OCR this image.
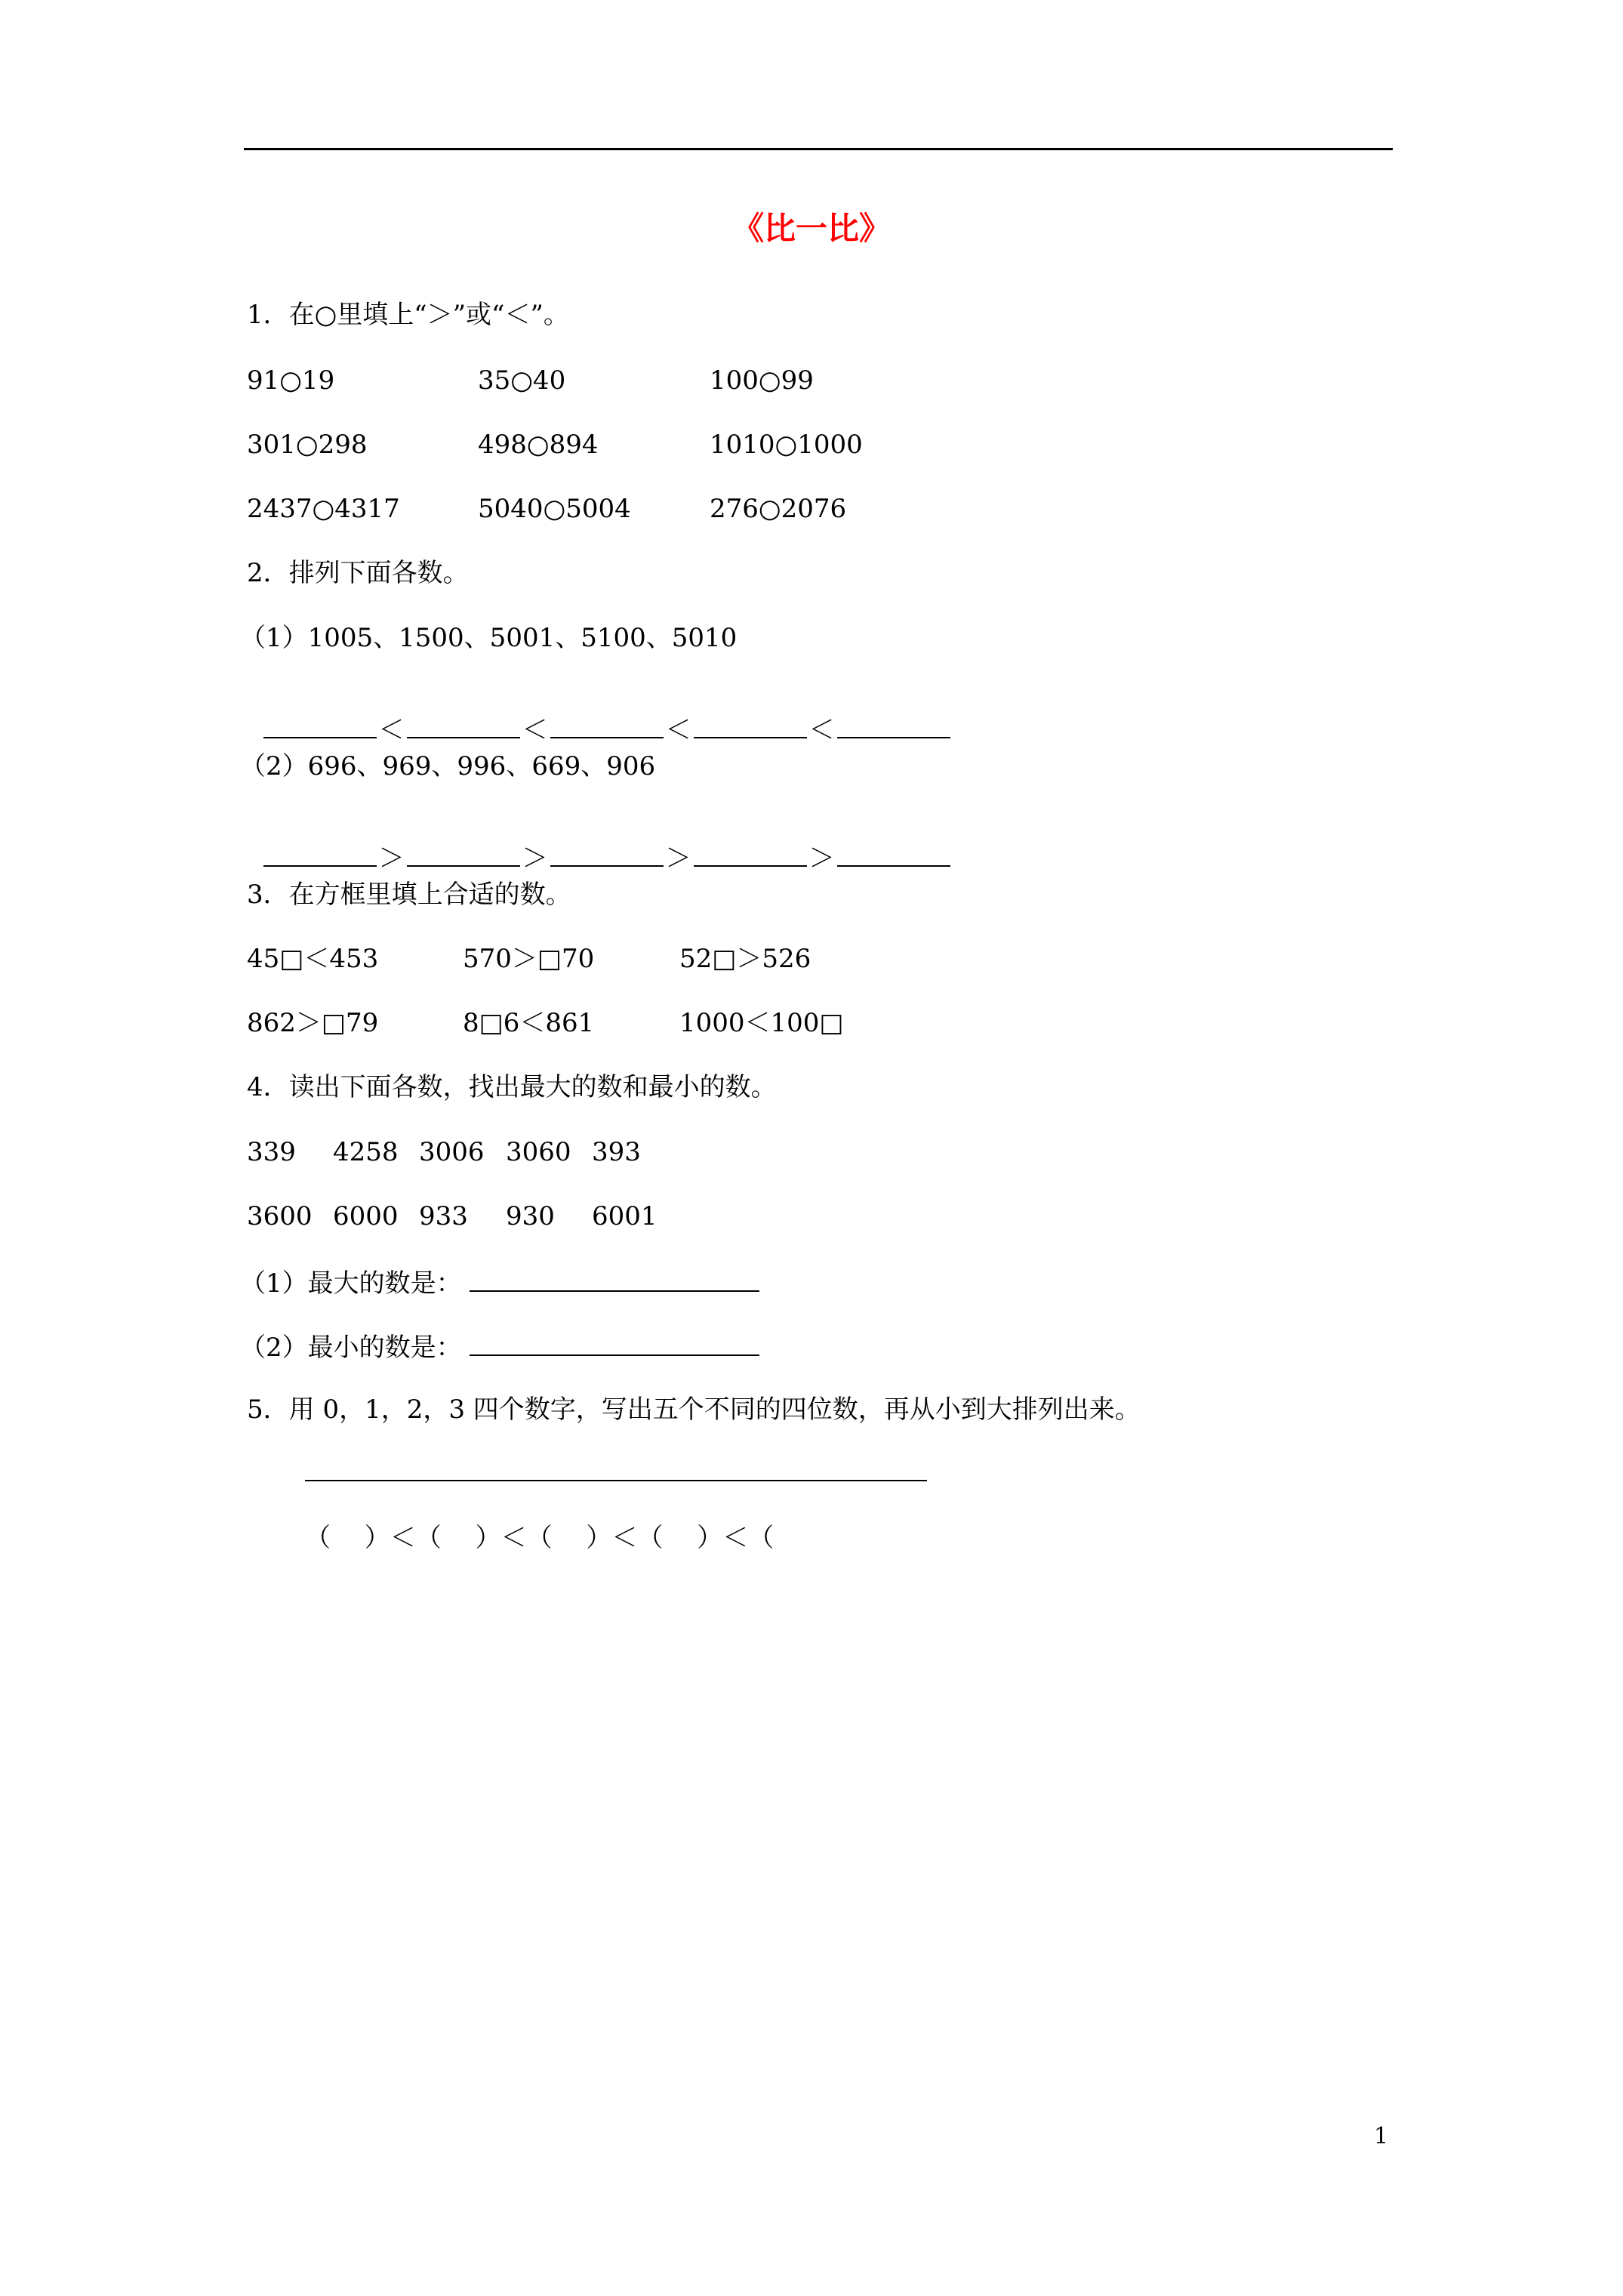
《比一比》
1．在○里填上“＞”或“＜”。
91○19	35○40	100○99
301○298	498○894	1010○1000
2437○4317	5040○5004	276○2076
2．排列下面各数。
（1）1005、1500、5001、5100、5010

＜	＜	＜	＜

（2）696、969、996、669、906

＞	＞	＞	＞

3．在方框里填上合适的数。
45□＜453	570＞□70	52□＞526
862＞□79	8□6＜861	1000＜100□
4．读出下面各数，找出最大的数和最小的数。
339 4258 3006 3060 393
3600 6000 933 930 6001
（1）最大的数是：
（2）最小的数是：
5．用 0，1，2，3 四个数字，写出五个不同的四位数，再从小到大排列出来。
（　 ）＜（　 ）＜（　 ）＜（　 ）＜（
1
